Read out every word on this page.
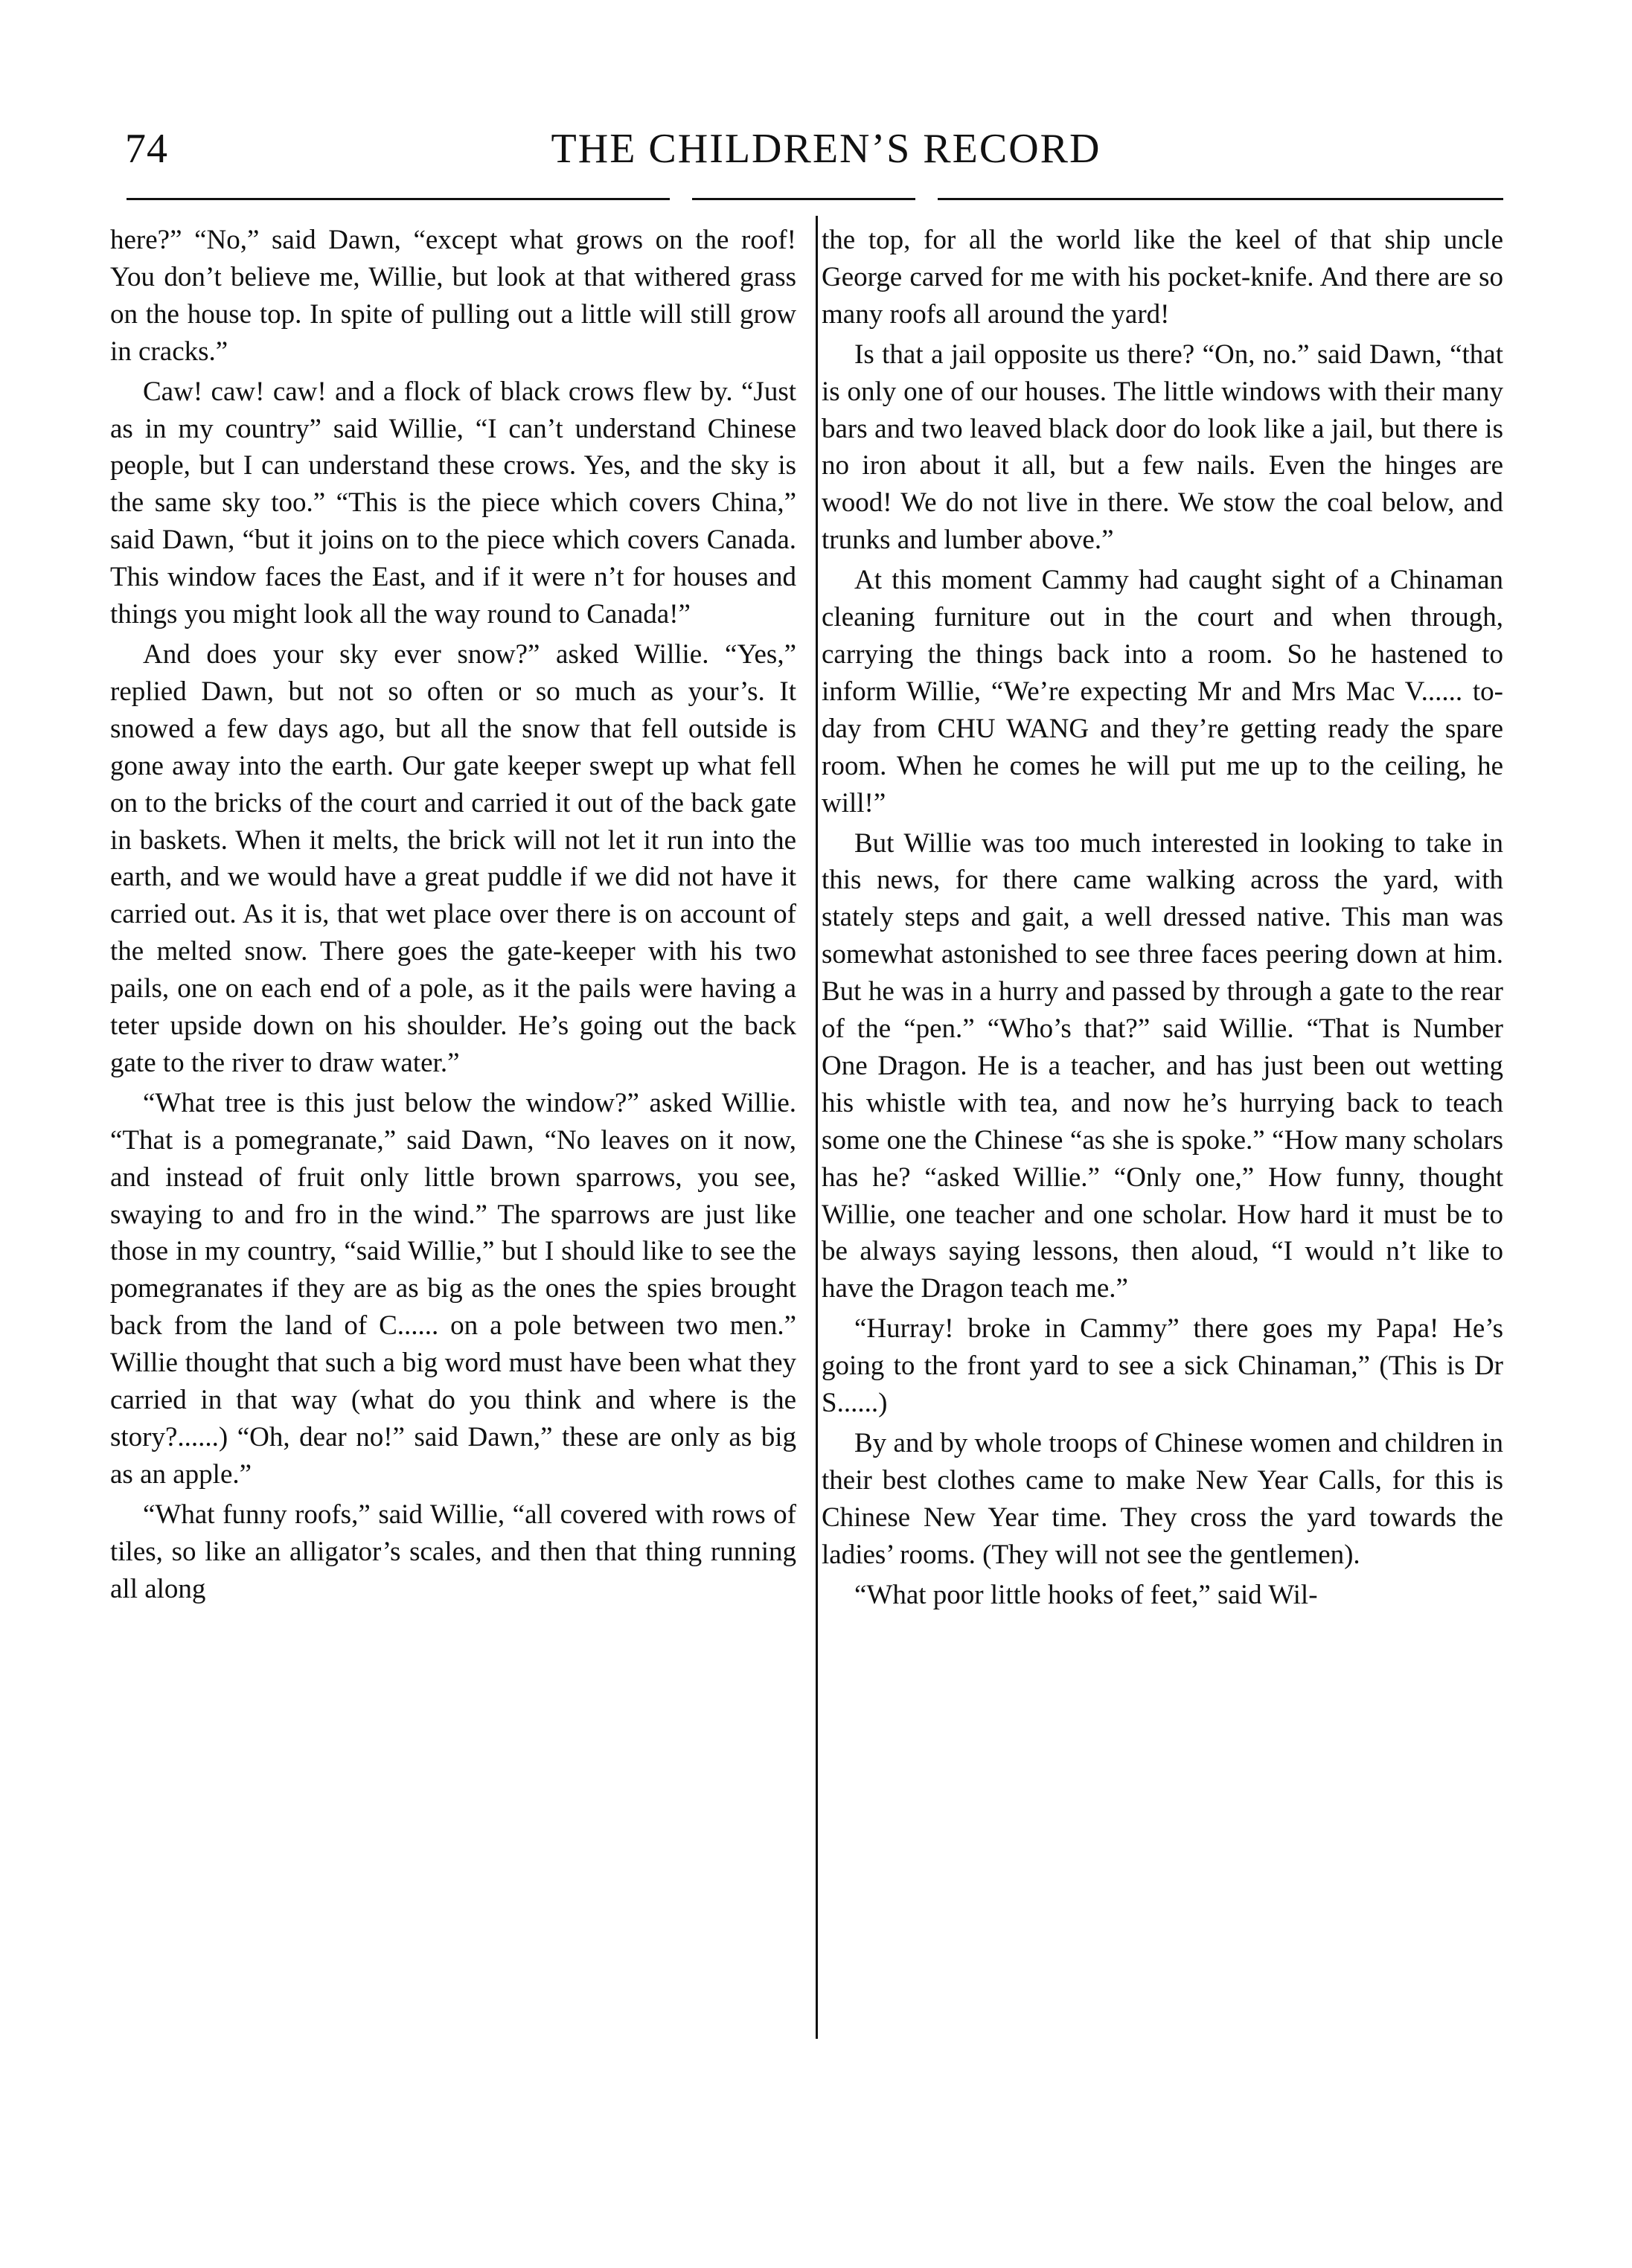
74	THE CHILDREN’S RECORD

here?” “No,” said Dawn, “except what grows on the roof! You don’t believe me, Willie, but look at that withered grass on the house top. In spite of pulling out a little will still grow in cracks.”

Caw! caw! caw! and a flock of black crows flew by. “Just as in my country” said Willie, “I can’t understand Chinese people, but I can understand these crows. Yes, and the sky is the same sky too.” “This is the piece which covers China,” said Dawn, “but it joins on to the piece which covers Canada. This window faces the East, and if it were n’t for houses and things you might look all the way round to Canada!”

And does your sky ever snow?” asked Willie. “Yes,” replied Dawn, but not so often or so much as your’s. It snowed a few days ago, but all the snow that fell outside is gone away into the earth. Our gate keeper swept up what fell on to the bricks of the court and carried it out of the back gate in baskets. When it melts, the brick will not let it run into the earth, and we would have a great puddle if we did not have it carried out. As it is, that wet place over there is on account of the melted snow. There goes the gate-keeper with his two pails, one on each end of a pole, as it the pails were having a teter upside down on his shoulder. He’s going out the back gate to the river to draw water.”

“What tree is this just below the window?” asked Willie. “That is a pomegranate,” said Dawn, “No leaves on it now, and instead of fruit only little brown sparrows, you see, swaying to and fro in the wind.” The sparrows are just like those in my country, “said Willie,” but I should like to see the pomegranates if they are as big as the ones the spies brought back from the land of C...... on a pole between two men.” Willie thought that such a big word must have been what they carried in that way (what do you think and where is the story?......) “Oh, dear no!” said Dawn,” these are only as big as an apple.”

“What funny roofs,” said Willie, “all covered with rows of tiles, so like an alligator’s scales, and then that thing running all along

the top, for all the world like the keel of that ship uncle George carved for me with his pocket-knife. And there are so many roofs all around the yard!

Is that a jail opposite us there? “On, no.” said Dawn, “that is only one of our houses. The little windows with their many bars and two leaved black door do look like a jail, but there is no iron about it all, but a few nails. Even the hinges are wood! We do not live in there. We stow the coal below, and trunks and lumber above.”

At this moment Cammy had caught sight of a Chinaman cleaning furniture out in the court and when through, carrying the things back into a room. So he hastened to inform Willie, “We’re expecting Mr and Mrs Mac V...... to-day from CHU WANG and they’re getting ready the spare room. When he comes he will put me up to the ceiling, he will!”

But Willie was too much interested in looking to take in this news, for there came walking across the yard, with stately steps and gait, a well dressed native. This man was somewhat astonished to see three faces peering down at him. But he was in a hurry and passed by through a gate to the rear of the “pen.” “Who’s that?” said Willie. “That is Number One Dragon. He is a teacher, and has just been out wetting his whistle with tea, and now he’s hurrying back to teach some one the Chinese “as she is spoke.” “How many scholars has he? “asked Willie.” “Only one,” How funny, thought Willie, one teacher and one scholar. How hard it must be to be always saying lessons, then aloud, “I would n’t like to have the Dragon teach me.”

“Hurray! broke in Cammy” there goes my Papa! He’s going to the front yard to see a sick Chinaman,” (This is Dr S......)

By and by whole troops of Chinese women and children in their best clothes came to make New Year Calls, for this is Chinese New Year time. They cross the yard towards the ladies’ rooms. (They will not see the gentlemen).

“What poor little hooks of feet,” said Wil-
